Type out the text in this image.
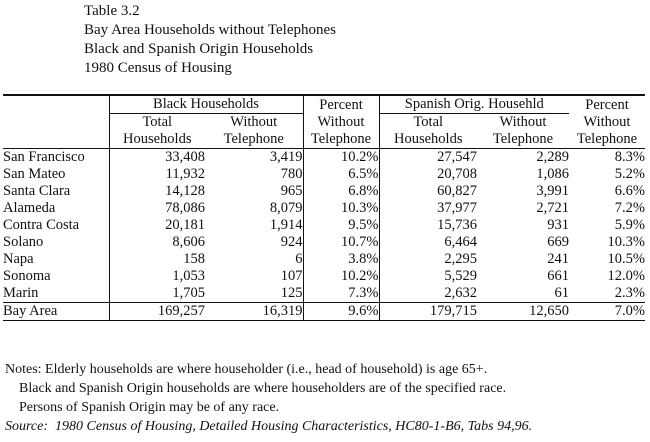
Table 3.2
Bay Area Households without Telephones
Black and Spanish Origin Households
1980 Census of Housing
	Black Households		Percent	Spanish Orig. Househld		Percent
	Total	Without	Without	Total	Without	Without
	Households	Telephone	Telephone	Households	Telephone	Telephone
San Francisco	33,408	3,419	10.2%	27,547	2,289	8.3%
San Mateo	11,932	780	6.5%	20,708	1,086	5.2%
Santa Clara	14,128	965	6.8%	60,827	3,991	6.6%
Alameda	78,086	8,079	10.3%	37,977	2,721	7.2%
Contra Costa	20,181	1,914	9.5%	15,736	931	5.9%
Solano	8,606	924	10.7%	6,464	669	10.3%
Napa	158	6	3.8%	2,295	241	10.5%
Sonoma	1,053	107	10.2%	5,529	661	12.0%
Marin	1,705	125	7.3%	2,632	61	2.3%
Bay Area	169,257	16,319	9.6%	179,715	12,650	7.0%
Notes: Elderly households are where householder (i.e., head of household) is age 65+.
Black and Spanish Origin households are where householders are of the specified race.
Persons of Spanish Origin may be of any race.
Source: 1980 Census of Housing, Detailed Housing Characteristics, HC80-1-B6, Tabs 94,96.
